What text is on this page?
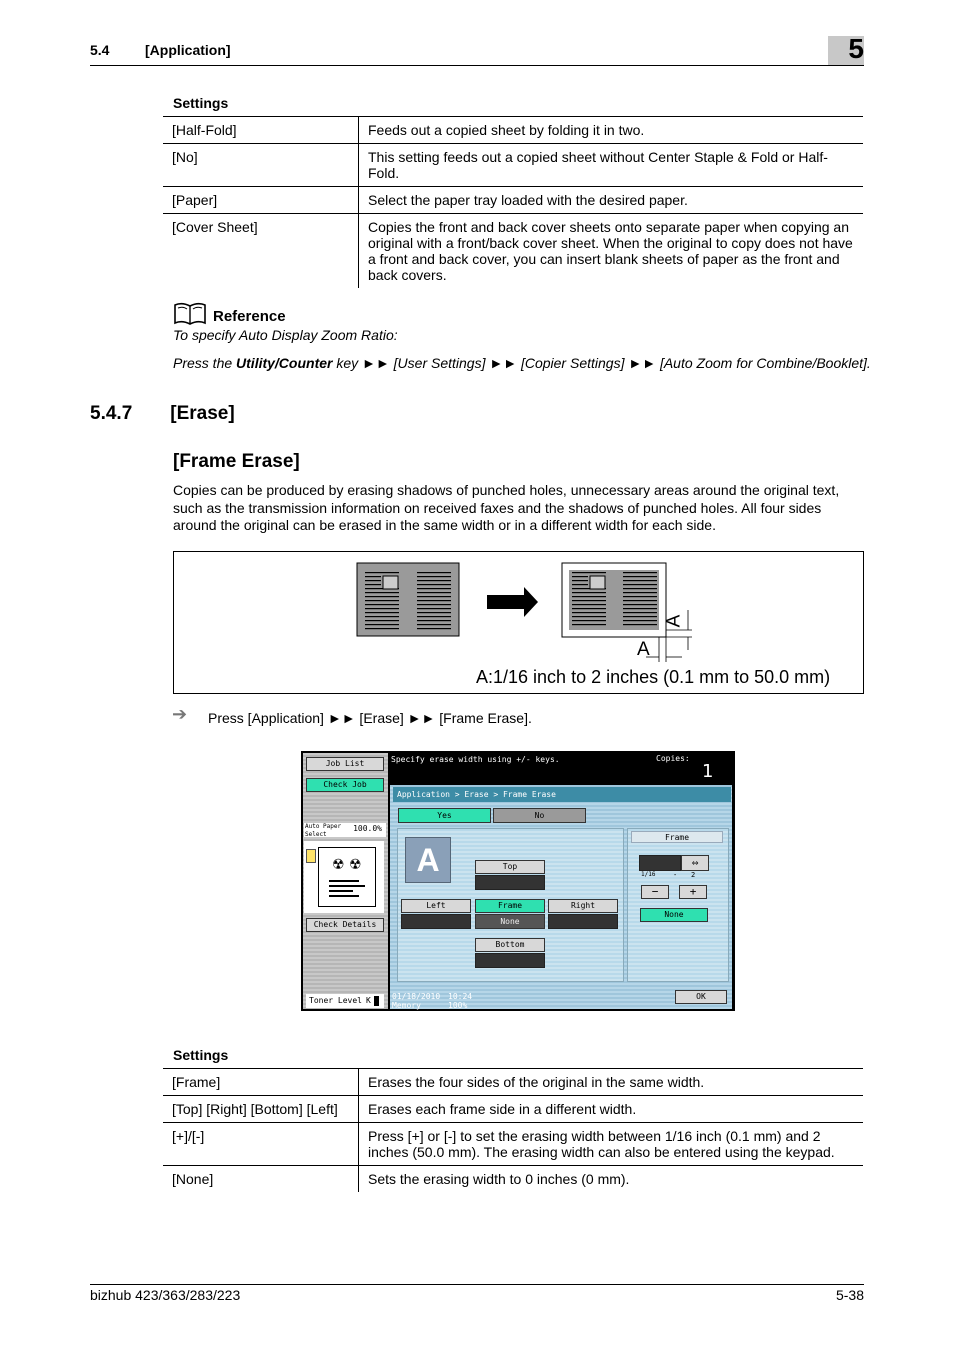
5.4	[Application]	5
Settings
[Half-Fold]	Feeds out a copied sheet by folding it in two.
[No]	This setting feeds out a copied sheet without Center Staple & Fold or Half-Fold.
[Paper]	Select the paper tray loaded with the desired paper.
[Cover Sheet]	Copies the front and back cover sheets onto separate paper when copying an original with a front/back cover sheet. When the original to copy does not have a front and back cover, you can insert blank sheets of paper as the front and back covers.
Reference
To specify Auto Display Zoom Ratio:
Press the Utility/Counter key ►► [User Settings] ►► [Copier Settings] ►► [Auto Zoom for Combine/Booklet].
5.4.7 [Erase]
[Frame Erase]
Copies can be produced by erasing shadows of punched holes, unnecessary areas around the original text, such as the transmission information on received faxes and the shadows of punched holes. All four sides around the original can be erased in the same width or in a different width for each side.
A
A
A:1/16 inch to 2 inches (0.1 mm to 50.0 mm)
➔ Press [Application] ►► [Erase] ►► [Frame Erase].
Job List
Check Job
Auto Paper Select
100.0%
☢ ☢
Check Details
Toner Level K
Specify erase width using +/- keys.	Copies:
1
Application > Erase > Frame Erase
Yes	No
A	Top
Left	Frame
None
Right
Bottom
Frame
⇔
1/16	- 2
−	+
None
01/18/2010
Memory
10:24
100%
OK
Settings
[Frame]	Erases the four sides of the original in the same width.
[Top] [Right] [Bottom] [Left]	Erases each frame side in a different width.
[+]/[-]	Press [+] or [-] to set the erasing width between 1/16 inch (0.1 mm) and 2 inches (50.0 mm). The erasing width can also be entered using the keypad.
[None]	Sets the erasing width to 0 inches (0 mm).
bizhub 423/363/283/223	5-38
